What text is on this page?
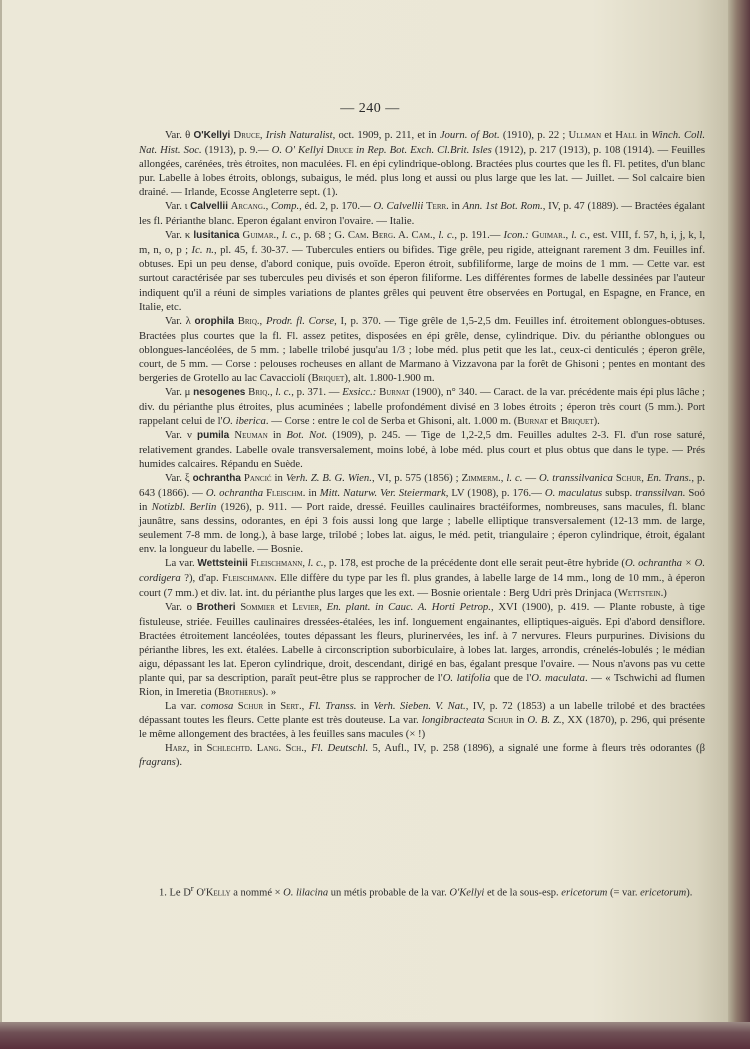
— 240 —

Var. θ O'Kellyi Druce, Irish Naturalist, oct. 1909, p. 211, et in Journ. of Bot. (1910), p. 22 ; Ullman et Hall in Winch. Coll. Nat. Hist. Soc. (1913), p. 9.— O. O' Kellyi Druce in Rep. Bot. Exch. Cl.Brit. Isles (1912), p. 217 (1913), p. 108 (1914). — Feuilles allongées, carénées, très étroites, non maculées. Fl. en épi cylindrique-oblong. Bractées plus courtes que les fl. Fl. petites, d'un blanc pur. Labelle à lobes étroits, oblongs, subaigus, le méd. plus long et aussi ou plus large que les lat. — Juillet. — Sol calcaire bien drainé. — Irlande, Ecosse Angleterre sept. (1).

Var. ι Calvellii Arcang., Comp., éd. 2, p. 170.— O. Calvellii Terr. in Ann. 1st Bot. Rom., IV, p. 47 (1889). — Bractées égalant les fl. Périanthe blanc. Eperon égalant environ l'ovaire. — Italie.

Var. κ lusitanica Guimar., l. c., p. 68 ; G. Cam. Berg. A. Cam., l. c., p. 191.— Icon.: Guimar., l. c., est. VIII, f. 57, h, i, j, k, l, m, n, o, p ; Ic. n., pl. 45, f. 30-37. — Tubercules entiers ou bifides. Tige grêle, peu rigide, atteignant rarement 3 dm. Feuilles inf. obtuses. Epi un peu dense, d'abord conique, puis ovoïde. Eperon étroit, subfiliforme, large de moins de 1 mm. — Cette var. est surtout caractérisée par ses tubercules peu divisés et son éperon filiforme. Les différentes formes de labelle dessinées par l'auteur indiquent qu'il a réuni de simples variations de plantes grêles qui peuvent être observées en Portugal, en Espagne, en France, en Italie, etc.

Var. λ orophila Briq., Prodr. fl. Corse, I, p. 370. — Tige grêle de 1,5-2,5 dm. Feuilles inf. étroitement oblongues-obtuses. Bractées plus courtes que la fl. Fl. assez petites, disposées en épi grêle, dense, cylindrique. Div. du périanthe oblongues ou oblongues-lancéolées, de 5 mm. ; labelle trilobé jusqu'au 1/3 ; lobe méd. plus petit que les lat., ceux-ci denticulés ; éperon grêle, court, de 5 mm. — Corse : pelouses rocheuses en allant de Marmano à Vizzavona par la forêt de Ghisoni ; pentes en montant des bergeries de Grotello au lac Cavacciolí (Briquet), alt. 1.800-1.900 m.

Var. μ nesogenes Briq., l. c., p. 371. — Exsicc.: Burnat (1900), n° 340. — Caract. de la var. précédente mais épi plus lâche ; div. du périanthe plus étroites, plus acuminées ; labelle profondément divisé en 3 lobes étroits ; éperon très court (5 mm.). Port rappelant celui de l'O. iberica. — Corse : entre le col de Serba et Ghisoni, alt. 1.000 m. (Burnat et Briquet).

Var. ν pumila Neuman in Bot. Not. (1909), p. 245. — Tige de 1,2-2,5 dm. Feuilles adultes 2-3. Fl. d'un rose saturé, relativement grandes. Labelle ovale transversalement, moins lobé, à lobe méd. plus court et plus obtus que dans le type. — Prés humides calcaires. Répandu en Suède.

Var. ξ ochrantha Pancić in Verh. Z. B. G. Wien., VI, p. 575 (1856) ; Zimmerm., l. c. — O. transsilvanica Schur, En. Trans., p. 643 (1866). — O. ochrantha Fleischm. in Mitt. Naturw. Ver. Steiermark, LV (1908), p. 176.— O. maculatus subsp. transsilvan. Soó in Notizbl. Berlin (1926), p. 911. — Port raide, dressé. Feuilles caulinaires bractéiformes, nombreuses, sans macules, fl. blanc jaunâtre, sans dessins, odorantes, en épi 3 fois aussi long que large ; labelle elliptique transversalement (12-13 mm. de large, seulement 7-8 mm. de long.), à base large, trilobé ; lobes lat. aigus, le méd. petit, triangulaire ; éperon cylindrique, étroit, égalant env. la longueur du labelle. — Bosnie.

La var. Wettsteinii Fleischmann, l. c., p. 178, est proche de la précédente dont elle serait peut-être hybride (O. ochrantha × O. cordigera ?), d'ap. Fleischmann. Elle diffère du type par les fl. plus grandes, à labelle large de 14 mm., long de 10 mm., à éperon court (7 mm.) et div. lat. int. du périanthe plus larges que les ext. — Bosnie orientale : Berg Udri près Drinjaca (Wettstein.)

Var. ο Brotheri Sommier et Levier, En. plant. in Cauc. A. Horti Petrop., XVI (1900), p. 419. — Plante robuste, à tige fistuleuse, striée. Feuilles caulinaires dressées-étalées, les inf. longuement engainantes, elliptiques-aiguës. Epi d'abord densiflore. Bractées étroitement lancéolées, toutes dépassant les fleurs, plurinervées, les inf. à 7 nervures. Fleurs purpurines. Divisions du périanthe libres, les ext. étalées. Labelle à circonscription suborbiculaire, à lobes lat. larges, arrondis, crénelés-lobulés ; le médian aigu, dépassant les lat. Eperon cylindrique, droit, descendant, dirigé en bas, égalant presque l'ovaire. — Nous n'avons pas vu cette plante qui, par sa description, paraît peut-être plus se rapprocher de l'O. latifolia que de l'O. maculata. — « Tschwichi ad flumen Rion, in Imeretia (Brotherus). »

La var. comosa Schur in Sert., Fl. Transs. in Verh. Sieben. V. Nat., IV, p. 72 (1853) a un labelle trilobé et des bractées dépassant toutes les fleurs. Cette plante est très douteuse. La var. longibracteata Schur in O. B. Z., XX (1870), p. 296, qui présente le même allongement des bractées, à les feuilles sans macules (× !)

Harz, in Schlechtd. Lang. Sch., Fl. Deutschl. 5, Aufl., IV, p. 258 (1896), a signalé une forme à fleurs très odorantes (β fragrans).

1. Le $D^r$ O'Kelly a nommé × O. lilacina un métis probable de la var. O'Kellyi et de la sous-esp. ericetorum (= var. ericetorum).
